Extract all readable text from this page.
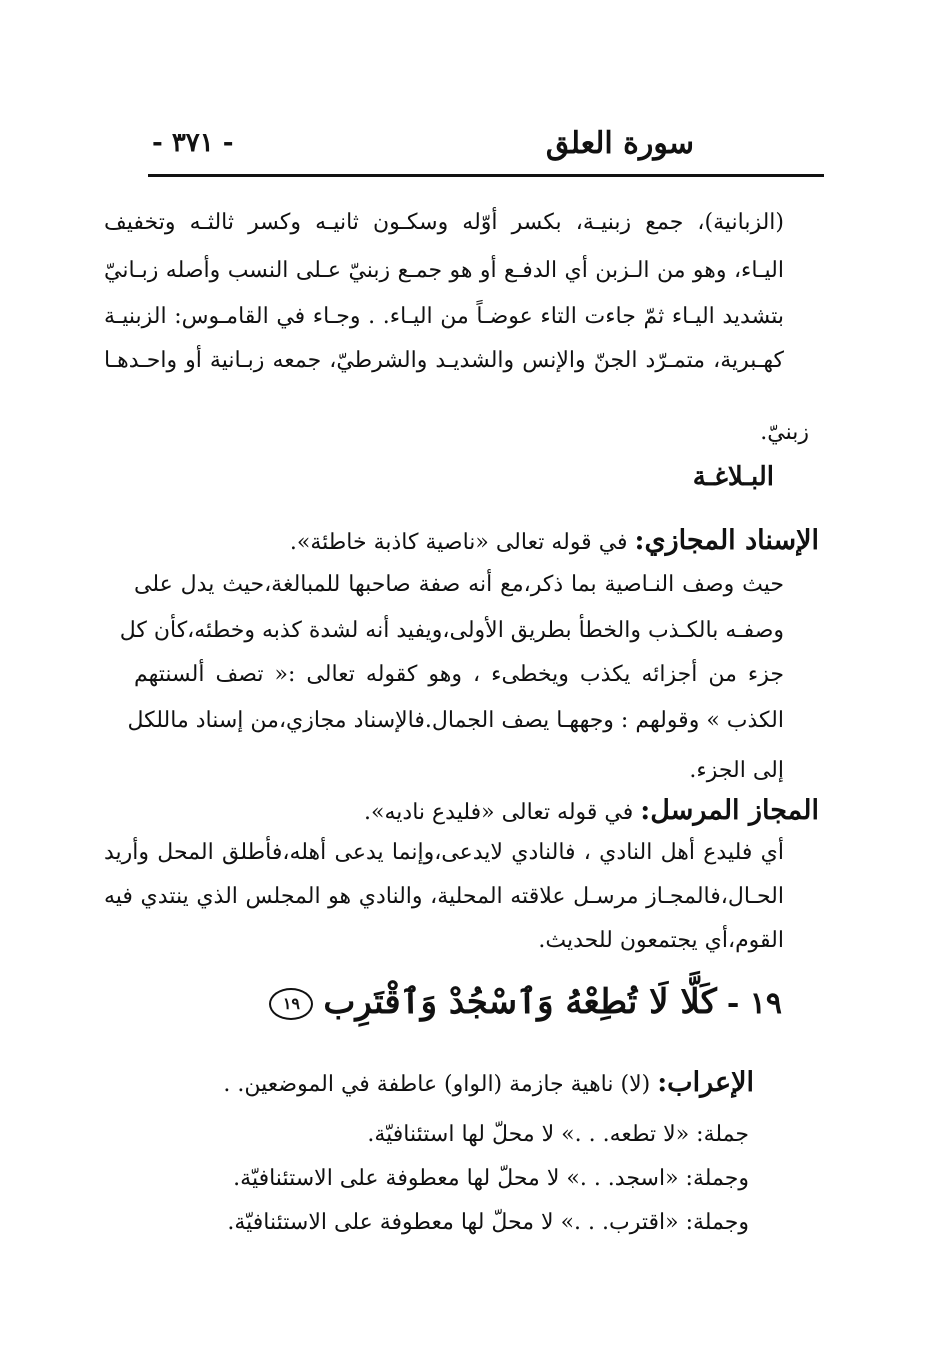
سورة العلق
- ٣٧١ -
(الزبانية)، جمع زبنيـة، بكسر أوّله وسكـون ثانيـه وكسر ثالثـه وتخفيف
اليـاء، وهو من الـزبن أي الدفـع أو هو جمـع زبنيّ عـلى النسب وأصله زبـانيّ
بتشديد اليـاء ثمّ جاءت التاء عوضـاً من اليـاء. . وجـاء في القامـوس: الزبنيـة
كهـبرية، متمـرّد الجنّ والإنس والشديـد والشرطيّ، جمعه زبـانية أو واحـدهـا
زبنيّ.
البـلاغـة
الإسناد المجازي: في قوله تعالى «ناصية كاذبة خاطئة».
حيث وصف النـاصية بما ذكر،مع أنه صفة صاحبها للمبالغة،حيث يدل على
وصفـه بالكـذب والخطأ بطريق الأولى،ويفيد أنه لشدة كذبه وخطئه،كأن كل
جزء من أجزائه يكذب ويخطىء ، وهو كقوله تعالى :« تصف ألسنتهم
الكذب » وقولهم : وجههـا يصف الجمال.فالإسناد مجازي،من إسناد ماللكل
إلى الجزء.
المجاز المرسل: في قوله تعالى «فليدع ناديه».
أي فليدع أهل النادي ، فالنادي لايدعى،وإنما يدعى أهله،فأطلق المحل وأريد
الحـال،فالمجـاز مرسـل علاقته المحلية، والنادي هو المجلس الذي ينتدي فيه
القوم،أي يجتمعون للحديث.
١٩ -كَلَّا لَا تُطِعْهُ وَٱسْجُدْ وَٱقْتَرِب١٩
الإعراب: (لا) ناهية جازمة (الواو) عاطفة في الموضعين. .
جملة: «لا تطعه. . .» لا محلّ لها استئنافيّة.
وجملة: «اسجد. . .» لا محلّ لها معطوفة على الاستئنافيّة.
وجملة: «اقترب. . .» لا محلّ لها معطوفة على الاستئنافيّة.
